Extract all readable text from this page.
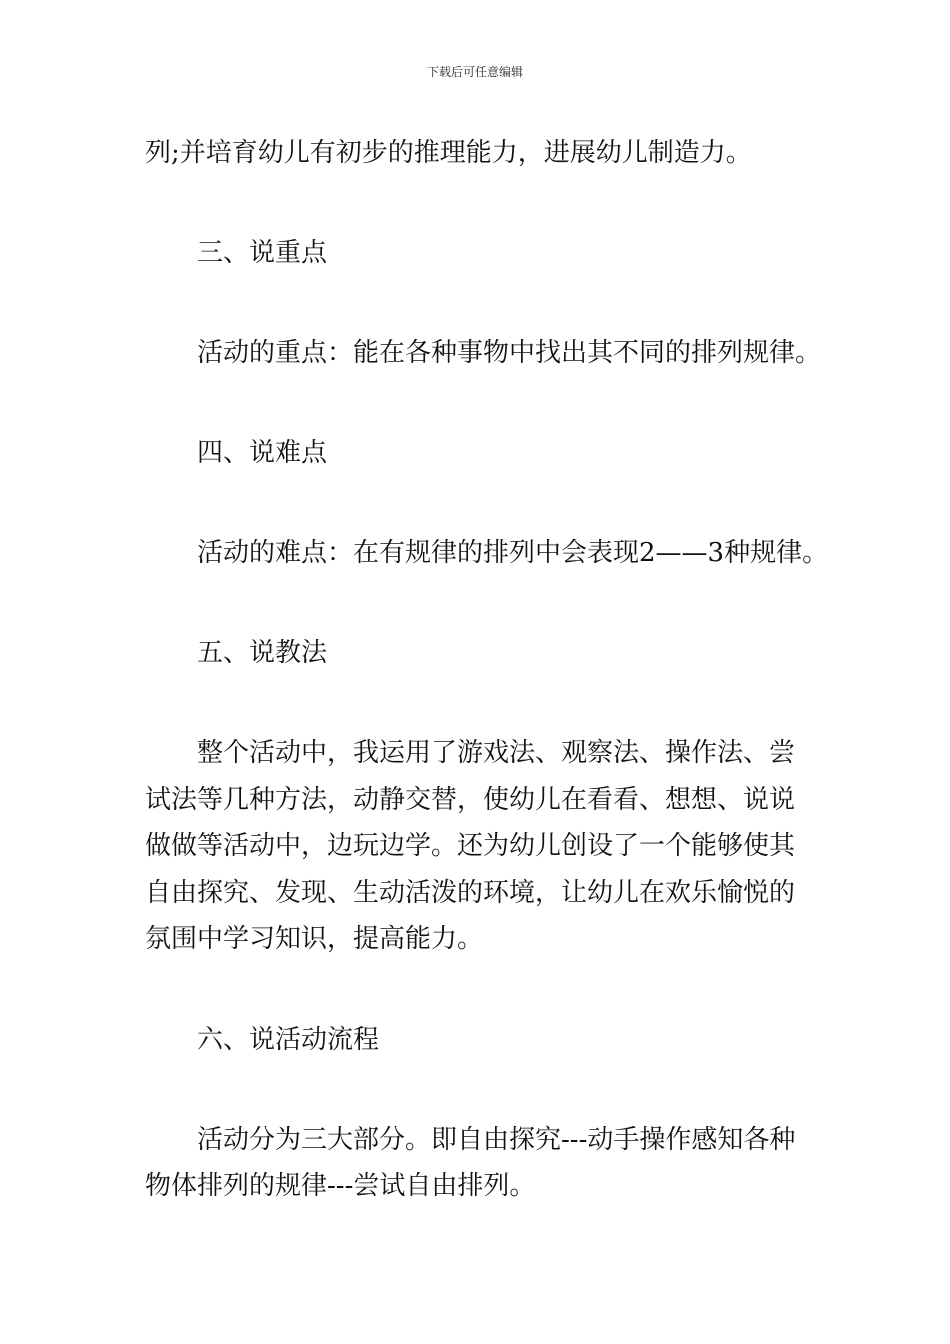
下载后可任意编辑

列;并培育幼儿有初步的推理能力，进展幼儿制造力。

三、说重点

活动的重点：能在各种事物中找出其不同的排列规律。

四、说难点

活动的难点：在有规律的排列中会表现2——3种规律。

五、说教法

整个活动中，我运用了游戏法、观察法、操作法、尝

试法等几种方法，动静交替，使幼儿在看看、想想、说说

做做等活动中，边玩边学。还为幼儿创设了一个能够使其

自由探究、发现、生动活泼的环境，让幼儿在欢乐愉悦的

氛围中学习知识，提高能力。

六、说活动流程

活动分为三大部分。即自由探究---动手操作感知各种

物体排列的规律---尝试自由排列。
